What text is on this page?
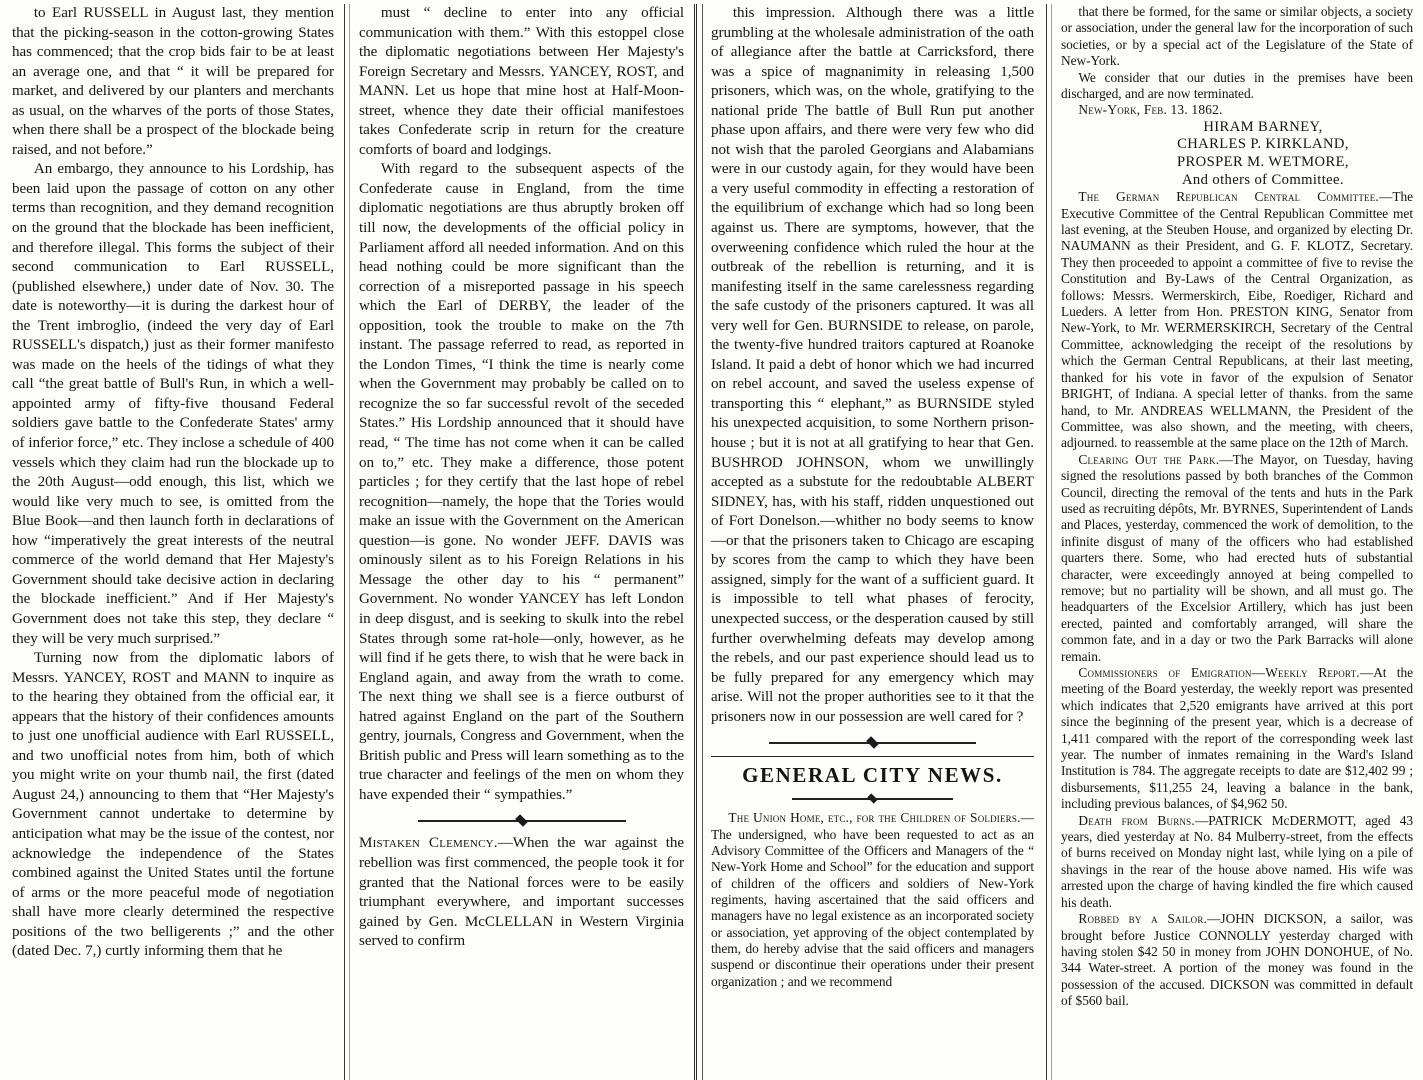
to Earl RUSSELL in August last, they mention that the picking-season in the cotton-growing States has commenced; that the crop bids fair to be at least an average one, and that “ it will be prepared for market, and delivered by our planters and merchants as usual, on the wharves of the ports of those States, when there shall be a prospect of the blockade being raised, and not before.”

An embargo, they announce to his Lordship, has been laid upon the passage of cotton on any other terms than recognition, and they demand recognition on the ground that the blockade has been inefficient, and therefore illegal. This forms the subject of their second communication to Earl RUSSELL, (published elsewhere,) under date of Nov. 30. The date is noteworthy—it is during the darkest hour of the Trent imbroglio, (indeed the very day of Earl RUSSELL's dispatch,) just as their former manifesto was made on the heels of the tidings of what they call “the great battle of Bull's Run, in which a well-appointed army of fifty-five thousand Federal soldiers gave battle to the Confederate States' army of inferior force,” etc. They inclose a schedule of 400 vessels which they claim had run the blockade up to the 20th August—odd enough, this list, which we would like very much to see, is omitted from the Blue Book—and then launch forth in declarations of how “imperatively the great interests of the neutral commerce of the world demand that Her Majesty's Government should take decisive action in declaring the blockade inefficient.” And if Her Majesty's Government does not take this step, they declare “ they will be very much surprised.”

Turning now from the diplomatic labors of Messrs. YANCEY, ROST and MANN to inquire as to the hearing they obtained from the official ear, it appears that the history of their confidences amounts to just one unofficial audience with Earl RUSSELL, and two unofficial notes from him, both of which you might write on your thumb nail, the first (dated August 24,) announcing to them that “Her Majesty's Government cannot undertake to determine by anticipation what may be the issue of the contest, nor acknowledge the independence of the States combined against the United States until the fortune of arms or the more peaceful mode of negotiation shall have more clearly determined the respective positions of the two belligerents ;” and the other (dated Dec. 7,) curtly informing them that he

must “ decline to enter into any official communication with them.” With this estoppel close the diplomatic negotiations between Her Majesty's Foreign Secretary and Messrs. YANCEY, ROST, and MANN. Let us hope that mine host at Half-Moon-street, whence they date their official manifestoes takes Confederate scrip in return for the creature comforts of board and lodgings.

With regard to the subsequent aspects of the Confederate cause in England, from the time diplomatic negotiations are thus abruptly broken off till now, the developments of the official policy in Parliament afford all needed information. And on this head nothing could be more significant than the correction of a misreported passage in his speech which the Earl of DERBY, the leader of the opposition, took the trouble to make on the 7th instant. The passage referred to read, as reported in the London Times, “I think the time is nearly come when the Government may probably be called on to recognize the so far successful revolt of the seceded States.” His Lordship announced that it should have read, “ The time has not come when it can be called on to,” etc. They make a difference, those potent particles ; for they certify that the last hope of rebel recognition—namely, the hope that the Tories would make an issue with the Government on the American question—is gone. No wonder JEFF. DAVIS was ominously silent as to his Foreign Relations in his Message the other day to his “ permanent” Government. No wonder YANCEY has left London in deep disgust, and is seeking to skulk into the rebel States through some rat-hole—only, however, as he will find if he gets there, to wish that he were back in England again, and away from the wrath to come. The next thing we shall see is a fierce outburst of hatred against England on the part of the Southern gentry, journals, Congress and Government, when the British public and Press will learn something as to the true character and feelings of the men on whom they have expended their “ sympathies.”

Mistaken Clemency.—When the war against the rebellion was first commenced, the people took it for granted that the National forces were to be easily triumphant everywhere, and important successes gained by Gen. McCLELLAN in Western Virginia served to confirm

this impression. Although there was a little grumbling at the wholesale administration of the oath of allegiance after the battle at Carricksford, there was a spice of magnanimity in releasing 1,500 prisoners, which was, on the whole, gratifying to the national pride The battle of Bull Run put another phase upon affairs, and there were very few who did not wish that the paroled Georgians and Alabamians were in our custody again, for they would have been a very useful commodity in effecting a restoration of the equilibrium of exchange which had so long been against us. There are symptoms, however, that the overweening confidence which ruled the hour at the outbreak of the rebellion is returning, and it is manifesting itself in the same carelessness regarding the safe custody of the prisoners captured. It was all very well for Gen. BURNSIDE to release, on parole, the twenty-five hundred traitors captured at Roanoke Island. It paid a debt of honor which we had incurred on rebel account, and saved the useless expense of transporting this “ elephant,” as BURNSIDE styled his unexpected acquisition, to some Northern prison-house ; but it is not at all gratifying to hear that Gen. BUSHROD JOHNSON, whom we unwillingly accepted as a substute for the redoubtable ALBERT SIDNEY, has, with his staff, ridden unquestioned out of Fort Donelson.—whither no body seems to know—or that the prisoners taken to Chicago are escaping by scores from the camp to which they have been assigned, simply for the want of a sufficient guard. It is impossible to tell what phases of ferocity, unexpected success, or the desperation caused by still further overwhelming defeats may develop among the rebels, and our past experience should lead us to be fully prepared for any emergency which may arise. Will not the proper authorities see to it that the prisoners now in our possession are well cared for ?

GENERAL CITY NEWS.

The Union Home, etc., for the Children of Soldiers.—The undersigned, who have been requested to act as an Advisory Committee of the Officers and Managers of the “ New-York Home and School” for the education and support of children of the officers and soldiers of New-York regiments, having ascertained that the said officers and managers have no legal existence as an incorporated society or association, yet approving of the object contemplated by them, do hereby advise that the said officers and managers suspend or discontinue their operations under their present organization ; and we recommend

that there be formed, for the same or similar objects, a society or association, under the general law for the incorporation of such societies, or by a special act of the Legislature of the State of New-York.

We consider that our duties in the premises have been discharged, and are now terminated.

New-York, Feb. 13. 1862.

HIRAM BARNEY,
CHARLES P. KIRKLAND,
PROSPER M. WETMORE,
And others of Committee.

The German Republican Central Committee.—The Executive Committee of the Central Republican Committee met last evening, at the Steuben House, and organized by electing Dr. NAUMANN as their President, and G. F. KLOTZ, Secretary. They then proceeded to appoint a committee of five to revise the Constitution and By-Laws of the Central Organization, as follows: Messrs. Wermerskirch, Eibe, Roediger, Richard and Lueders. A letter from Hon. PRESTON KING, Senator from New-York, to Mr. WERMERSKIRCH, Secretary of the Central Committee, acknowledging the receipt of the resolutions by which the German Central Republicans, at their last meeting, thanked for his vote in favor of the expulsion of Senator BRIGHT, of Indiana. A special letter of thanks. from the same hand, to Mr. ANDREAS WELLMANN, the President of the Committee, was also shown, and the meeting, with cheers, adjourned. to reassemble at the same place on the 12th of March.

Clearing Out the Park.—The Mayor, on Tuesday, having signed the resolutions passed by both branches of the Common Council, directing the removal of the tents and huts in the Park used as recruiting dépôts, Mr. BYRNES, Superintendent of Lands and Places, yesterday, commenced the work of demolition, to the infinite disgust of many of the officers who had established quarters there. Some, who had erected huts of substantial character, were exceedingly annoyed at being compelled to remove; but no partiality will be shown, and all must go. The headquarters of the Excelsior Artillery, which has just been erected, painted and comfortably arranged, will share the common fate, and in a day or two the Park Barracks will alone remain.

Commissioners of Emigration—Weekly Report.—At the meeting of the Board yesterday, the weekly report was presented which indicates that 2,520 emigrants have arrived at this port since the beginning of the present year, which is a decrease of 1,411 compared with the report of the corresponding week last year. The number of inmates remaining in the Ward's Island Institution is 784. The aggregate receipts to date are $12,402 99 ; disbursements, $11,255 24, leaving a balance in the bank, including previous balances, of $4,962 50.

Death from Burns.—PATRICK McDERMOTT, aged 43 years, died yesterday at No. 84 Mulberry-street, from the effects of burns received on Monday night last, while lying on a pile of shavings in the rear of the house above named. His wife was arrested upon the charge of having kindled the fire which caused his death.

Robbed by a Sailor.—JOHN DICKSON, a sailor, was brought before Justice CONNOLLY yesterday charged with having stolen $42 50 in money from JOHN DONOHUE, of No. 344 Water-street. A portion of the money was found in the possession of the accused. DICKSON was committed in default of $560 bail.
